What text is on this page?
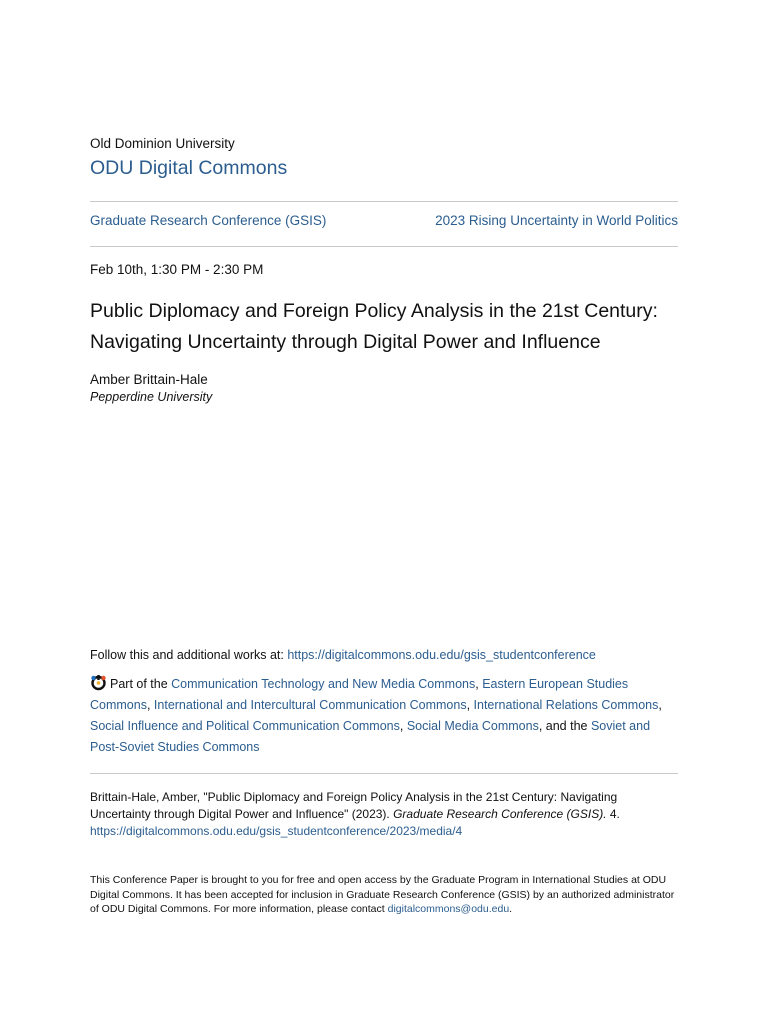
Old Dominion University
ODU Digital Commons
Graduate Research Conference (GSIS)	2023 Rising Uncertainty in World Politics
Feb 10th, 1:30 PM - 2:30 PM
Public Diplomacy and Foreign Policy Analysis in the 21st Century:
Navigating Uncertainty through Digital Power and Influence
Amber Brittain-Hale
Pepperdine University
Follow this and additional works at: https://digitalcommons.odu.edu/gsis_studentconference
Part of the Communication Technology and New Media Commons, Eastern European Studies Commons, International and Intercultural Communication Commons, International Relations Commons, Social Influence and Political Communication Commons, Social Media Commons, and the Soviet and Post-Soviet Studies Commons
Brittain-Hale, Amber, "Public Diplomacy and Foreign Policy Analysis in the 21st Century: Navigating Uncertainty through Digital Power and Influence" (2023). Graduate Research Conference (GSIS). 4.
https://digitalcommons.odu.edu/gsis_studentconference/2023/media/4
This Conference Paper is brought to you for free and open access by the Graduate Program in International Studies at ODU Digital Commons. It has been accepted for inclusion in Graduate Research Conference (GSIS) by an authorized administrator of ODU Digital Commons. For more information, please contact digitalcommons@odu.edu.
